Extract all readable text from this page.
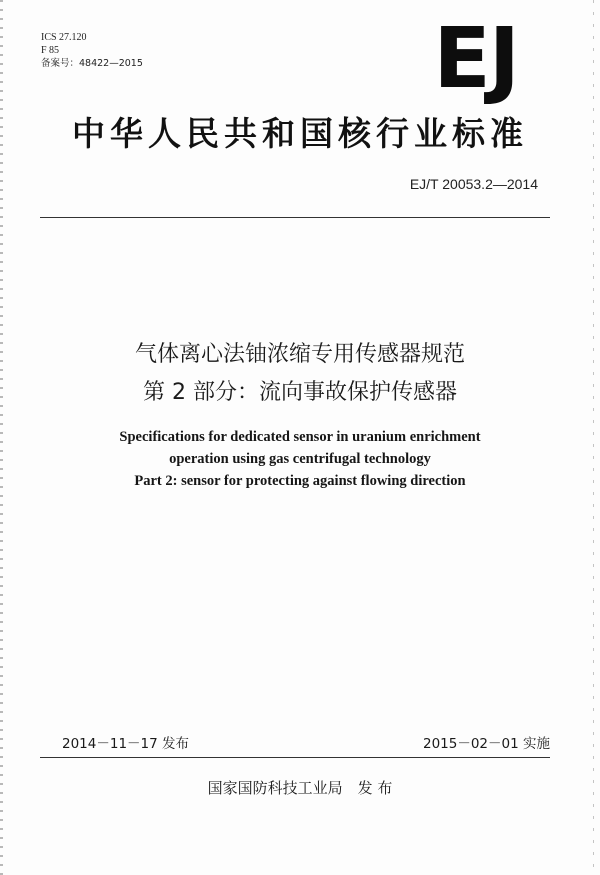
ICS 27.120
F 85
备案号：48422—2015	EJ
中华人民共和国核行业标准
EJ/T 20053.2—2014
气体离心法铀浓缩专用传感器规范
第 2 部分：流向事故保护传感器
Specifications for dedicated sensor in uranium enrichment
operation using gas centrifugal technology
Part 2: sensor for protecting against flowing direction
2014－11－17 发布	2015－02－01 实施
国家国防科技工业局　发 布
